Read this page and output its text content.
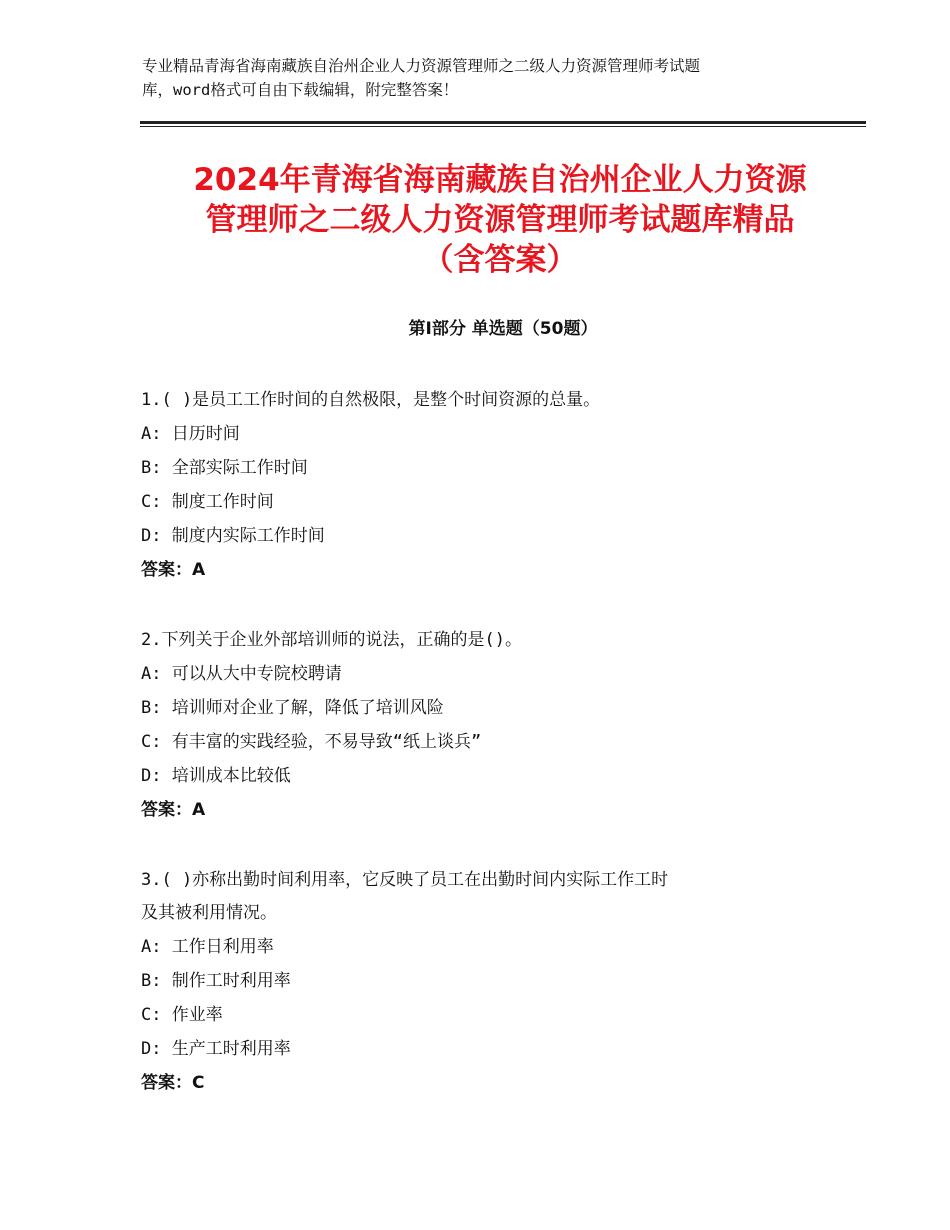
专业精品青海省海南藏族自治州企业人力资源管理师之二级人力资源管理师考试题
库，word格式可自由下载编辑，附完整答案！
2024年青海省海南藏族自治州企业人力资源
管理师之二级人力资源管理师考试题库精品
（含答案）
第Ⅰ部分 单选题（50题）
1.( )是员工工作时间的自然极限，是整个时间资源的总量。
A: 日历时间
B: 全部实际工作时间
C: 制度工作时间
D: 制度内实际工作时间
答案：A
2.下列关于企业外部培训师的说法，正确的是()。
A: 可以从大中专院校聘请
B: 培训师对企业了解，降低了培训风险
C: 有丰富的实践经验，不易导致“纸上谈兵”
D: 培训成本比较低
答案：A
3.( )亦称出勤时间利用率，它反映了员工在出勤时间内实际工作工时
及其被利用情况。
A: 工作日利用率
B: 制作工时利用率
C: 作业率
D: 生产工时利用率
答案：C
